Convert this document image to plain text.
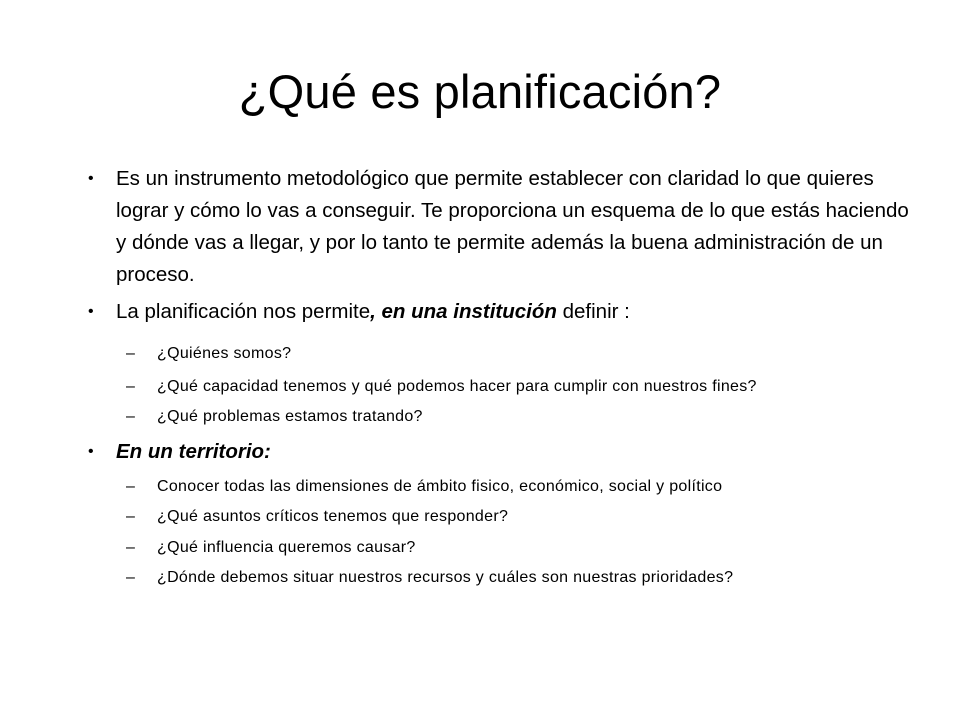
¿Qué es planificación?
•	Es un instrumento metodológico que permite establecer con claridad lo que quieres lograr y cómo lo vas a conseguir. Te proporciona un esquema de lo que estás haciendo y dónde vas a llegar, y por lo tanto te permite además la buena administración de un proceso.
•	La planificación nos permite, en una institución definir :
– ¿Quiénes somos?
– ¿Qué capacidad tenemos y qué podemos hacer para cumplir con nuestros fines?
– ¿Qué problemas estamos tratando?
•	En un territorio:
– Conocer todas las dimensiones de ámbito fisico, económico, social y político
– ¿Qué asuntos críticos tenemos que responder?
– ¿Qué influencia queremos causar?
– ¿Dónde debemos situar nuestros recursos y cuáles son nuestras prioridades?
